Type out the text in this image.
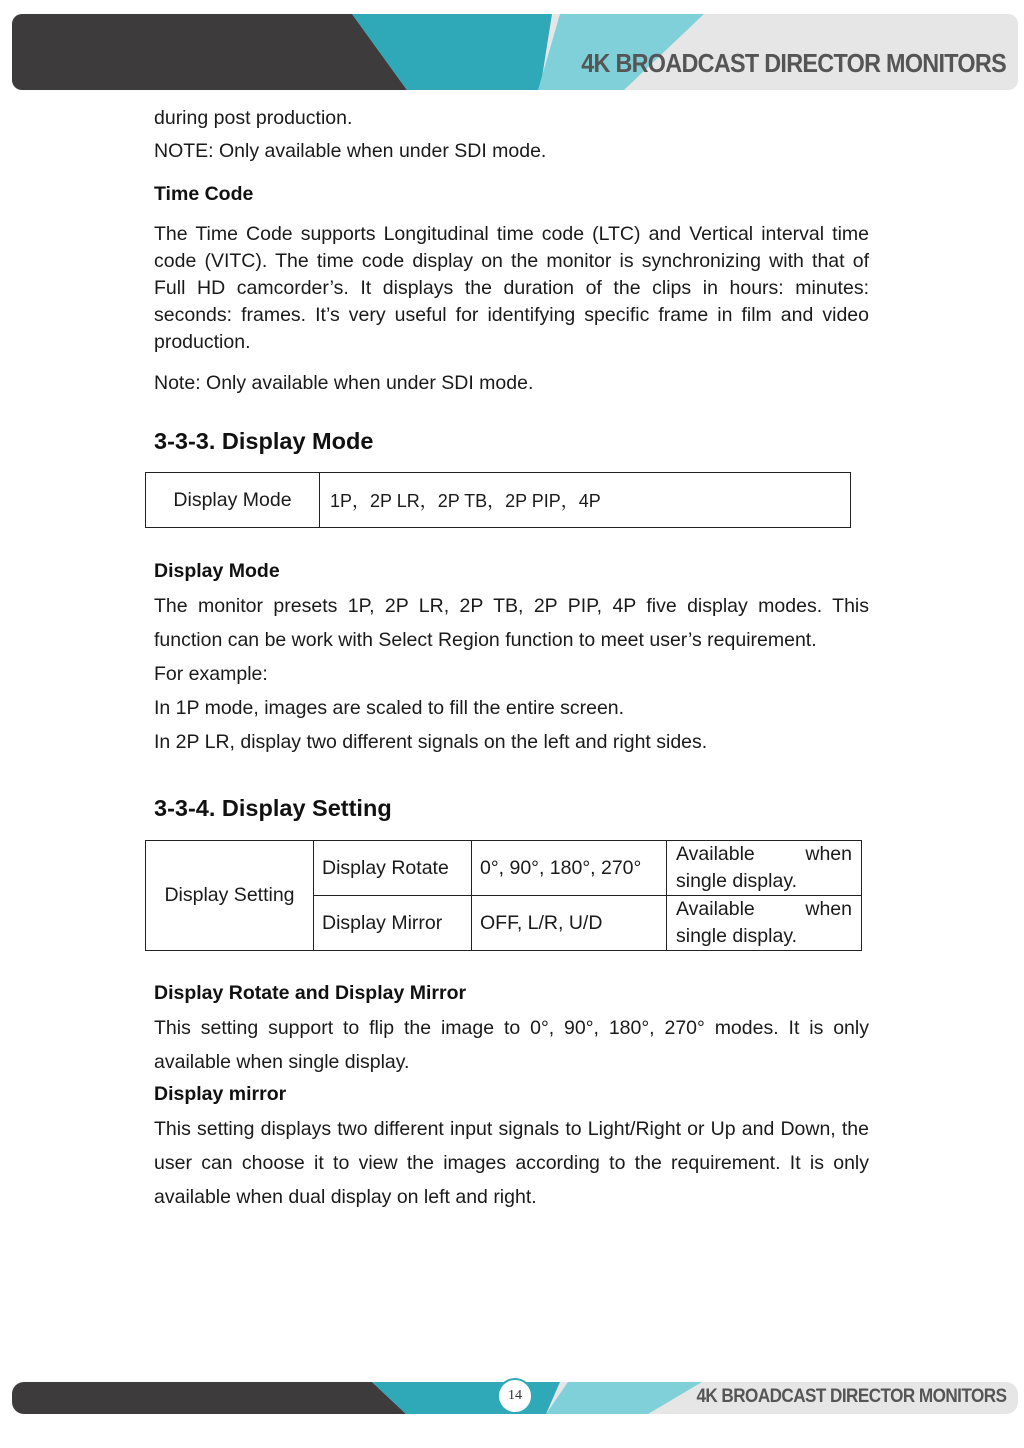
4K BROADCAST DIRECTOR MONITORS

during post production.

NOTE: Only available when under SDI mode.

Time Code

The Time Code supports Longitudinal time code (LTC) and Vertical interval time code (VITC). The time code display on the monitor is synchronizing with that of Full HD camcorder’s. It displays the duration of the clips in hours: minutes: seconds: frames. It’s very useful for identifying specific frame in film and video production.

Note: Only available when under SDI mode.

3-3-3. Display Mode

Display Mode	1P，2P LR，2P TB，2P PIP，4P

Display Mode

The monitor presets 1P, 2P LR, 2P TB, 2P PIP, 4P five display modes. This function can be work with Select Region function to meet user’s requirement.

For example:

In 1P mode, images are scaled to fill the entire screen.

In 2P LR, display two different signals on the left and right sides.

3-3-4. Display Setting

Display Setting	Display Rotate	0°, 90°, 180°, 270°	Available when single display.
	Display Mirror	OFF, L/R, U/D	Available when single display.

Display Rotate and Display Mirror

This setting support to flip the image to 0°, 90°, 180°, 270° modes. It is only available when single display.

Display mirror

This setting displays two different input signals to Light/Right or Up and Down, the user can choose it to view the images according to the requirement. It is only available when dual display on left and right.

14	4K BROADCAST DIRECTOR MONITORS
